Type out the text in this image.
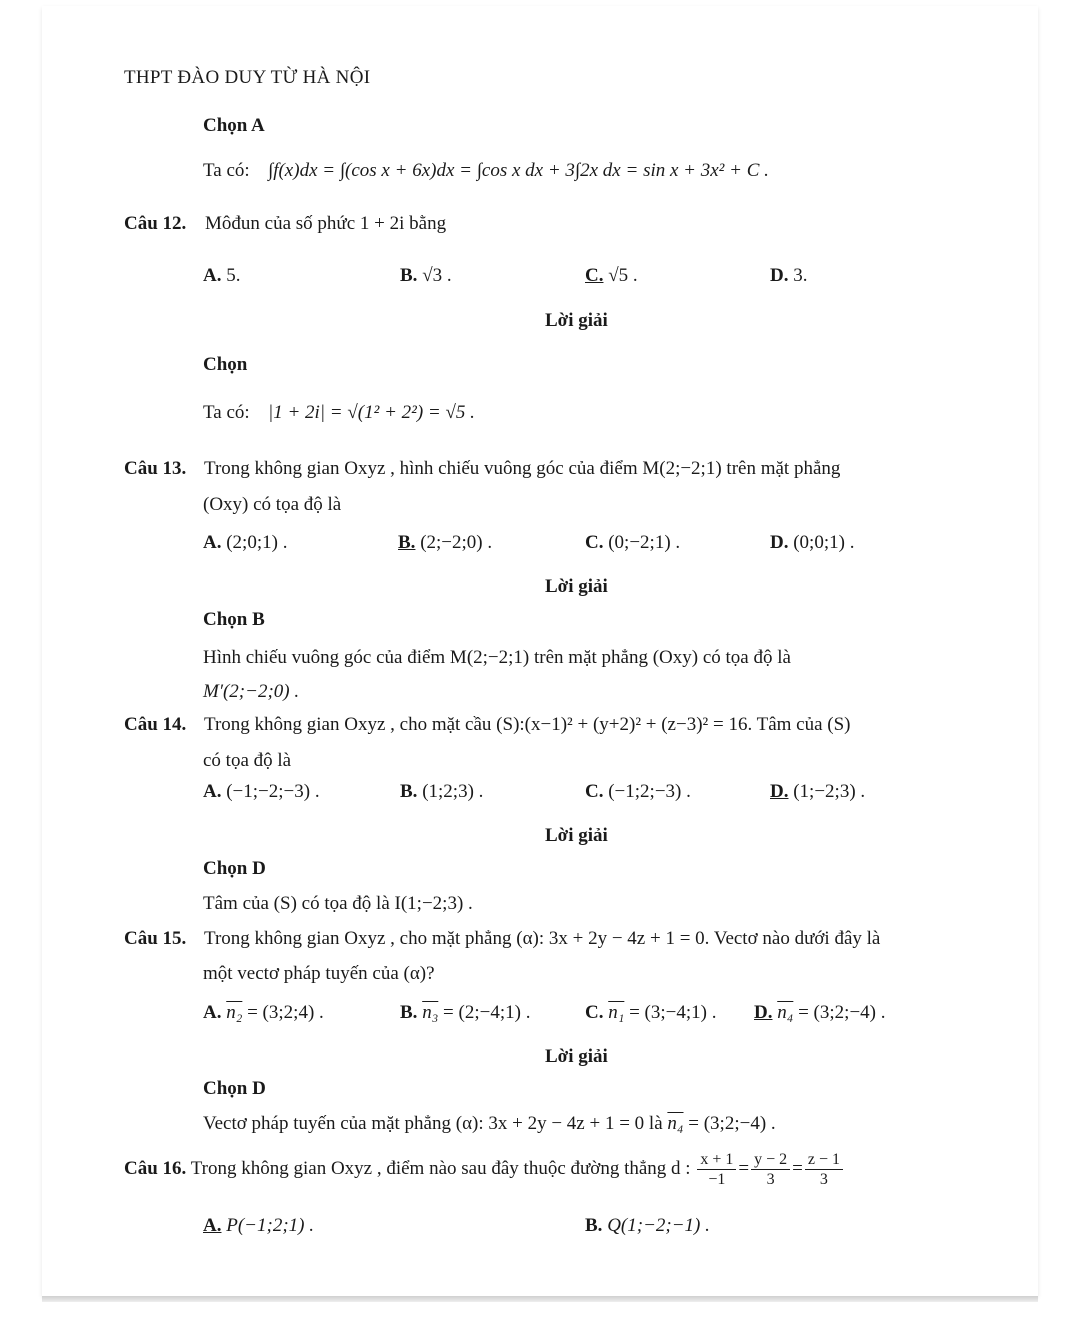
THPT ĐÀO DUY TỪ HÀ NỘI
Chọn A
Ta có: ∫f(x)dx = ∫(cos x + 6x)dx = ∫cos x dx + 3∫2x dx = sin x + 3x² + C .
Câu 12. Môđun của số phức 1 + 2i bằng
A. 5.	B. √3 .	C. √5 .	D. 3.
Lời giải
Chọn
Ta có: |1 + 2i| = √(1² + 2²) = √5 .
Câu 13. Trong không gian Oxyz , hình chiếu vuông góc của điểm M(2;−2;1) trên mặt phẳng
(Oxy) có tọa độ là
A. (2;0;1) .	B. (2;−2;0) .	C. (0;−2;1) .	D. (0;0;1) .
Lời giải
Chọn B
Hình chiếu vuông góc của điểm M(2;−2;1) trên mặt phẳng (Oxy) có tọa độ là
M′(2;−2;0) .
Câu 14. Trong không gian Oxyz , cho mặt cầu (S):(x−1)² + (y+2)² + (z−3)² = 16. Tâm của (S)
có tọa độ là
A. (−1;−2;−3) .	B. (1;2;3) .	C. (−1;2;−3) .	D. (1;−2;3) .
Lời giải
Chọn D
Tâm của (S) có tọa độ là I(1;−2;3) .
Câu 15. Trong không gian Oxyz , cho mặt phẳng (α): 3x + 2y − 4z + 1 = 0. Vectơ nào dưới đây là
một vectơ pháp tuyến của (α)?
A. n₂ = (3;2;4) .	B. n₃ = (2;−4;1) .	C. n₁ = (3;−4;1) . D. n₄ = (3;2;−4) .
Lời giải
Chọn D
Vectơ pháp tuyến của mặt phẳng (α): 3x + 2y − 4z + 1 = 0 là n₄ = (3;2;−4) .
Câu 16. Trong không gian Oxyz , điểm nào sau đây thuộc đường thẳng d : $\frac{x + 1}{-1} = \frac{y - 2}{3} = \frac{z - 1}{3}$
A. P(−1;2;1) .	B. Q(1;−2;−1) .
